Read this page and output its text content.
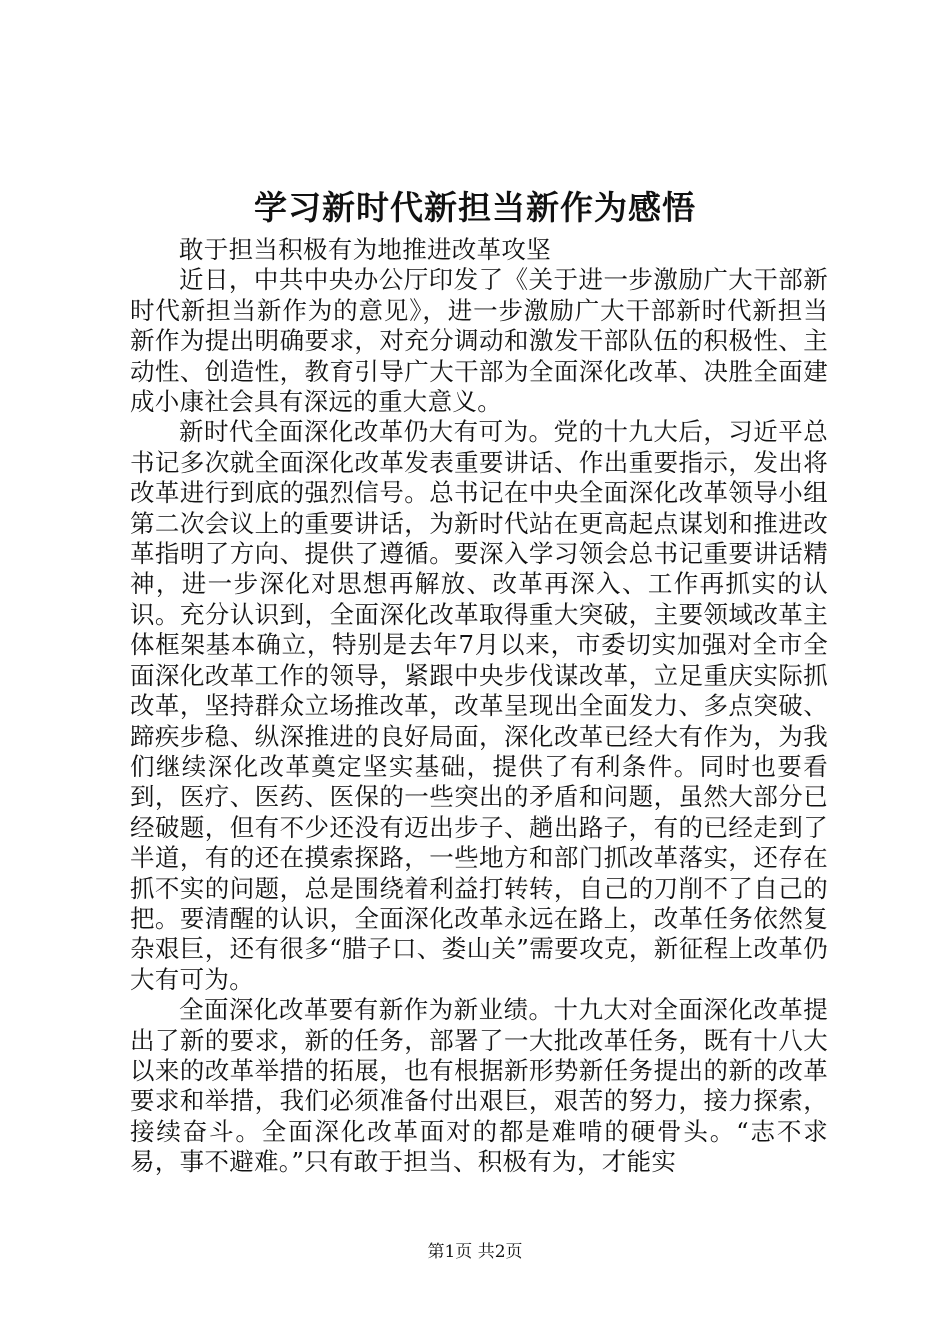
学习新时代新担当新作为感悟

敢于担当积极有为地推进改革攻坚

近日，中共中央办公厅印发了《关于进一步激励广大干部新时代新担当新作为的意见》，进一步激励广大干部新时代新担当新作为提出明确要求，对充分调动和激发干部队伍的积极性、主动性、创造性，教育引导广大干部为全面深化改革、决胜全面建成小康社会具有深远的重大意义。

新时代全面深化改革仍大有可为。党的十九大后，习近平总书记多次就全面深化改革发表重要讲话、作出重要指示，发出将改革进行到底的强烈信号。总书记在中央全面深化改革领导小组第二次会议上的重要讲话，为新时代站在更高起点谋划和推进改革指明了方向、提供了遵循。要深入学习领会总书记重要讲话精神，进一步深化对思想再解放、改革再深入、工作再抓实的认识。充分认识到，全面深化改革取得重大突破，主要领域改革主体框架基本确立，特别是去年7月以来，市委切实加强对全市全面深化改革工作的领导，紧跟中央步伐谋改革，立足重庆实际抓改革，坚持群众立场推改革，改革呈现出全面发力、多点突破、蹄疾步稳、纵深推进的良好局面，深化改革已经大有作为，为我们继续深化改革奠定坚实基础，提供了有利条件。同时也要看到，医疗、医药、医保的一些突出的矛盾和问题，虽然大部分已经破题，但有不少还没有迈出步子、趟出路子，有的已经走到了半道，有的还在摸索探路，一些地方和部门抓改革落实，还存在抓不实的问题，总是围绕着利益打转转，自己的刀削不了自己的把。要清醒的认识，全面深化改革永远在路上，改革任务依然复杂艰巨，还有很多“腊子口、娄山关”需要攻克，新征程上改革仍大有可为。

全面深化改革要有新作为新业绩。十九大对全面深化改革提出了新的要求，新的任务，部署了一大批改革任务，既有十八大以来的改革举措的拓展，也有根据新形势新任务提出的新的改革要求和举措，我们必须准备付出艰巨，艰苦的努力，接力探索，接续奋斗。全面深化改革面对的都是难啃的硬骨头。“志不求易，事不避难。”只有敢于担当、积极有为，才能实

第1页 共2页
